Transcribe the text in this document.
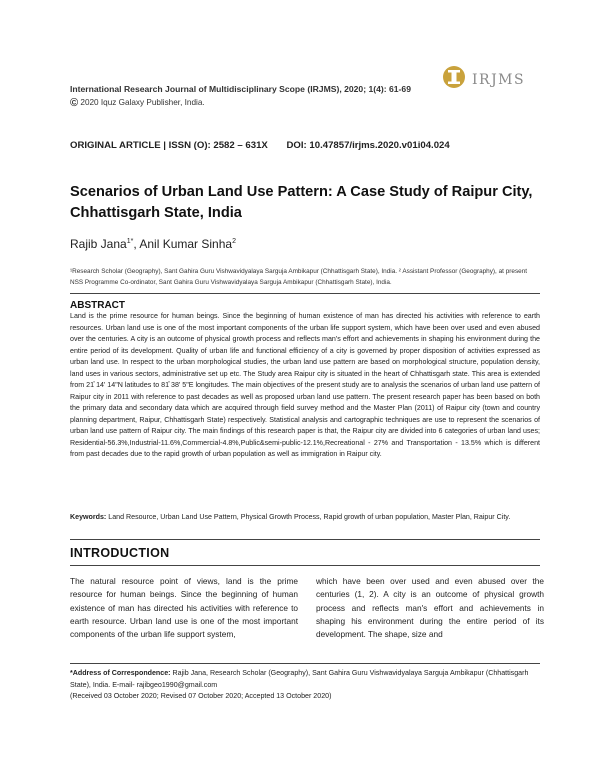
International Research Journal of Multidisciplinary Scope (IRJMS), 2020; 1(4): 61-69
© 2020 Iquz Galaxy Publisher, India.
IRJMS
ORIGINAL ARTICLE | ISSN (O): 2582 – 631X DOI: 10.47857/irjms.2020.v01i04.024
Scenarios of Urban Land Use Pattern: A Case Study of Raipur City, Chhattisgarh State, India
Rajib Jana$^{1*}$, Anil Kumar Sinha$^2$
¹Research Scholar (Geography), Sant Gahira Guru Vishwavidyalaya Sarguja Ambikapur (Chhattisgarh State), India. ² Assistant Professor (Geography), at present NSS Programme Co-ordinator, Sant Gahira Guru Vishwavidyalaya Sarguja Ambikapur (Chhattisgarh State), India.
ABSTRACT
Land is the prime resource for human beings. Since the beginning of human existence of man has directed his activities with reference to earth resources. Urban land use is one of the most important components of the urban life support system, which have been over used and even abused over the centuries. A city is an outcome of physical growth process and reflects man's effort and achievements in shaping his environment during the entire period of its development. Quality of urban life and functional efficiency of a city is governed by proper disposition of activities expressed as urban land use. In respect to the urban morphological studies, the urban land use pattern are based on morphological structure, population density, land uses in various sectors, administrative set up etc. The Study area Raipur city is situated in the heart of Chhattisgarh state. This area is extended from 21̊ 14' 14"N latitudes to 81̊ 38' 5"E longitudes. The main objectives of the present study are to analysis the scenarios of urban land use pattern of Raipur city in 2011 with reference to past decades as well as proposed urban land use pattern. The present research paper has been based on both the primary data and secondary data which are acquired through field survey method and the Master Plan (2011) of Raipur city (town and country planning department, Raipur, Chhattisgarh State) respectively. Statistical analysis and cartographic techniques are use to represent the scenarios of urban land use pattern of Raipur city. The main findings of this research paper is that, the Raipur city are divided into 6 categories of urban land uses; Residential-56.3%,Industrial-11.6%,Commercial-4.8%,Public&semi-public-12.1%,Recreational - 27% and Transportation - 13.5% which is different from past decades due to the rapid growth of urban population as well as immigration in Raipur city.
Keywords: Land Resource, Urban Land Use Pattern, Physical Growth Process, Rapid growth of urban population, Master Plan, Raipur City.
INTRODUCTION
The natural resource point of views, land is the prime resource for human beings. Since the beginning of human existence of man has directed his activities with reference to earth resource. Urban land use is one of the most important components of the urban life support system,
which have been over used and even abused over the centuries (1, 2). A city is an outcome of physical growth process and reflects man's effort and achievements in shaping his environment during the entire period of its development. The shape, size and
*Address of Correspondence: Rajib Jana, Research Scholar (Geography), Sant Gahira Guru Vishwavidyalaya Sarguja Ambikapur (Chhattisgarh State), India. E-mail- rajibgeo1990@gmail.com
(Received 03 October 2020; Revised 07 October 2020; Accepted 13 October 2020)
